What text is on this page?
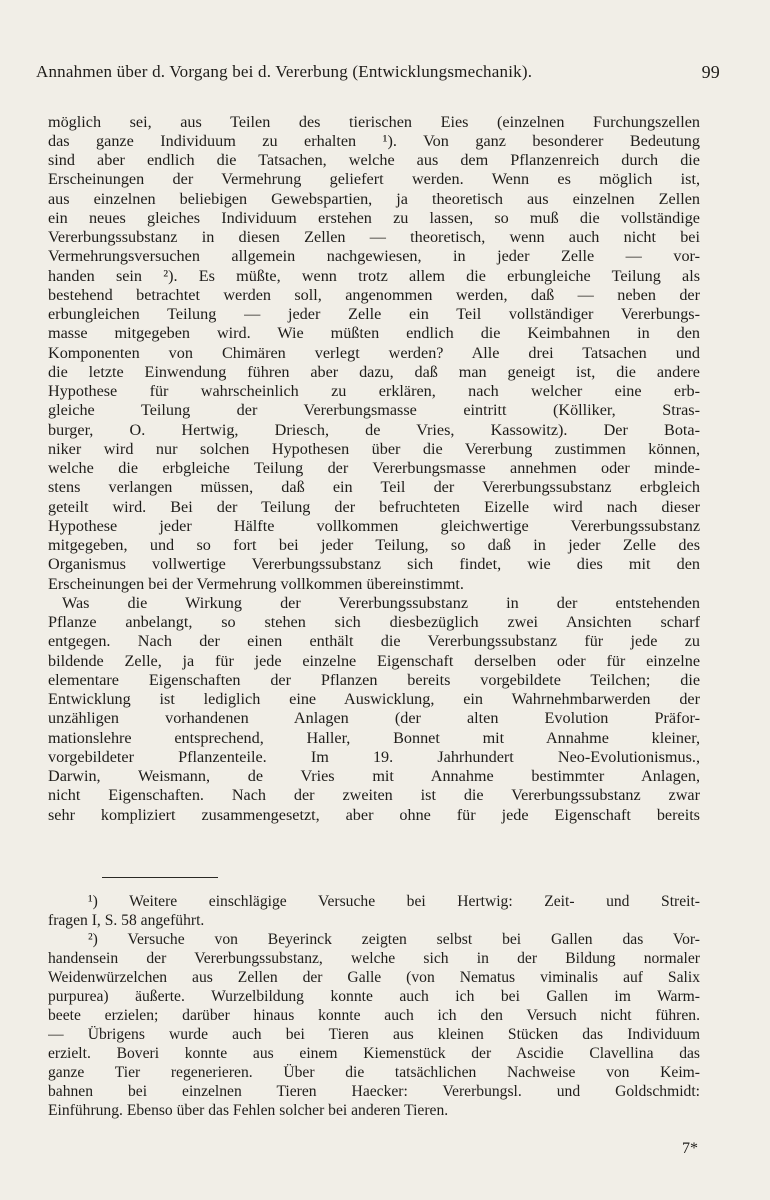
Annahmen über d. Vorgang bei d. Vererbung (Entwicklungsmechanik).	99
möglich sei, aus Teilen des tierischen Eies (einzelnen Furchungszellen
das ganze Individuum zu erhalten ¹). Von ganz besonderer Bedeutung
sind aber endlich die Tatsachen, welche aus dem Pflanzenreich durch die
Erscheinungen der Vermehrung geliefert werden. Wenn es möglich ist,
aus einzelnen beliebigen Gewebspartien, ja theoretisch aus einzelnen Zellen
ein neues gleiches Individuum erstehen zu lassen, so muß die vollständige
Vererbungssubstanz in diesen Zellen — theoretisch, wenn auch nicht bei
Vermehrungsversuchen allgemein nachgewiesen, in jeder Zelle — vor-
handen sein ²). Es müßte, wenn trotz allem die erbungleiche Teilung als
bestehend betrachtet werden soll, angenommen werden, daß — neben der
erbungleichen Teilung — jeder Zelle ein Teil vollständiger Vererbungs-
masse mitgegeben wird. Wie müßten endlich die Keimbahnen in den
Komponenten von Chimären verlegt werden? Alle drei Tatsachen und
die letzte Einwendung führen aber dazu, daß man geneigt ist, die andere
Hypothese für wahrscheinlich zu erklären, nach welcher eine erb-
gleiche Teilung der Vererbungsmasse eintritt (Kölliker, Stras-
burger, O. Hertwig, Driesch, de Vries, Kassowitz). Der Bota-
niker wird nur solchen Hypothesen über die Vererbung zustimmen können,
welche die erbgleiche Teilung der Vererbungsmasse annehmen oder minde-
stens verlangen müssen, daß ein Teil der Vererbungssubstanz erbgleich
geteilt wird. Bei der Teilung der befruchteten Eizelle wird nach dieser
Hypothese jeder Hälfte vollkommen gleichwertige Vererbungssubstanz
mitgegeben, und so fort bei jeder Teilung, so daß in jeder Zelle des
Organismus vollwertige Vererbungssubstanz sich findet, wie dies mit den
Erscheinungen bei der Vermehrung vollkommen übereinstimmt.
Was die Wirkung der Vererbungssubstanz in der entstehenden
Pflanze anbelangt, so stehen sich diesbezüglich zwei Ansichten scharf
entgegen. Nach der einen enthält die Vererbungssubstanz für jede zu
bildende Zelle, ja für jede einzelne Eigenschaft derselben oder für einzelne
elementare Eigenschaften der Pflanzen bereits vorgebildete Teilchen; die
Entwicklung ist lediglich eine Auswicklung, ein Wahrnehmbarwerden der
unzähligen vorhandenen Anlagen (der alten Evolution Präfor-
mationslehre entsprechend, Haller, Bonnet mit Annahme kleiner,
vorgebildeter Pflanzenteile. Im 19. Jahrhundert Neo-Evolutionismus.,
Darwin, Weismann, de Vries mit Annahme bestimmter Anlagen,
nicht Eigenschaften. Nach der zweiten ist die Vererbungssubstanz zwar
sehr kompliziert zusammengesetzt, aber ohne für jede Eigenschaft bereits
¹) Weitere einschlägige Versuche bei Hertwig: Zeit- und Streit-
fragen I, S. 58 angeführt.
²) Versuche von Beyerinck zeigten selbst bei Gallen das Vor-
handensein der Vererbungssubstanz, welche sich in der Bildung normaler
Weidenwürzelchen aus Zellen der Galle (von Nematus viminalis auf Salix
purpurea) äußerte. Wurzelbildung konnte auch ich bei Gallen im Warm-
beete erzielen; darüber hinaus konnte auch ich den Versuch nicht führen.
— Übrigens wurde auch bei Tieren aus kleinen Stücken das Individuum
erzielt. Boveri konnte aus einem Kiemenstück der Ascidie Clavellina das
ganze Tier regenerieren. Über die tatsächlichen Nachweise von Keim-
bahnen bei einzelnen Tieren Haecker: Vererbungsl. und Goldschmidt:
Einführung. Ebenso über das Fehlen solcher bei anderen Tieren.
7*
